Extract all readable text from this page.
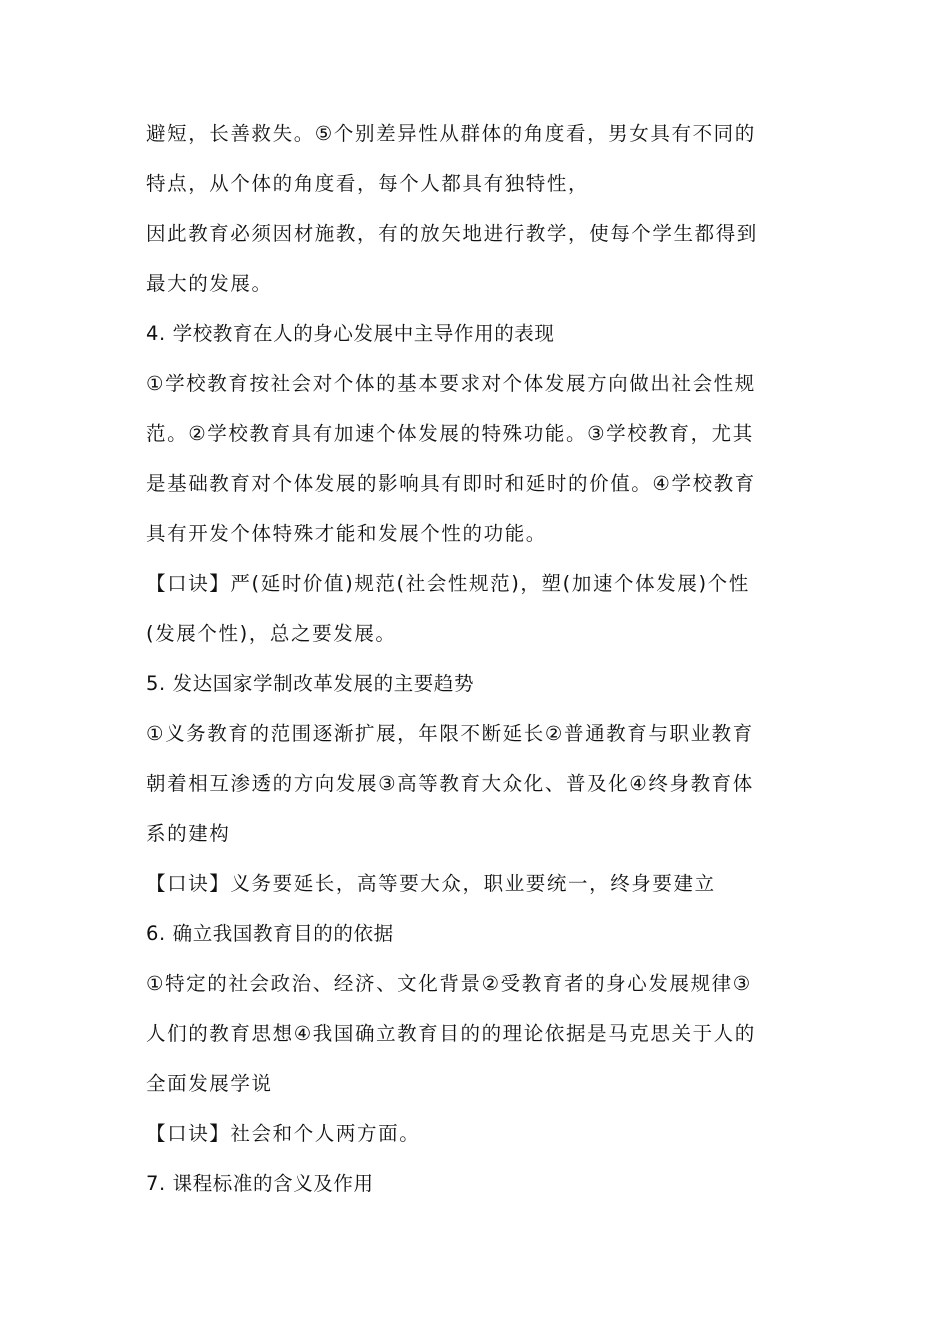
避短，长善救失。⑤个别差异性从群体的角度看，男女具有不同的
特点，从个体的角度看，每个人都具有独特性，
因此教育必须因材施教，有的放矢地进行教学，使每个学生都得到
最大的发展。
4. 学校教育在人的身心发展中主导作用的表现
①学校教育按社会对个体的基本要求对个体发展方向做出社会性规
范。②学校教育具有加速个体发展的特殊功能。③学校教育，尤其
是基础教育对个体发展的影响具有即时和延时的价值。④学校教育
具有开发个体特殊才能和发展个性的功能。
【口诀】严(延时价值)规范(社会性规范)，塑(加速个体发展)个性
(发展个性)，总之要发展。
5. 发达国家学制改革发展的主要趋势
①义务教育的范围逐渐扩展，年限不断延长②普通教育与职业教育
朝着相互渗透的方向发展③高等教育大众化、普及化④终身教育体
系的建构
【口诀】义务要延长，高等要大众，职业要统一，终身要建立
6. 确立我国教育目的的依据
①特定的社会政治、经济、文化背景②受教育者的身心发展规律③
人们的教育思想④我国确立教育目的的理论依据是马克思关于人的
全面发展学说
【口诀】社会和个人两方面。
7. 课程标准的含义及作用
